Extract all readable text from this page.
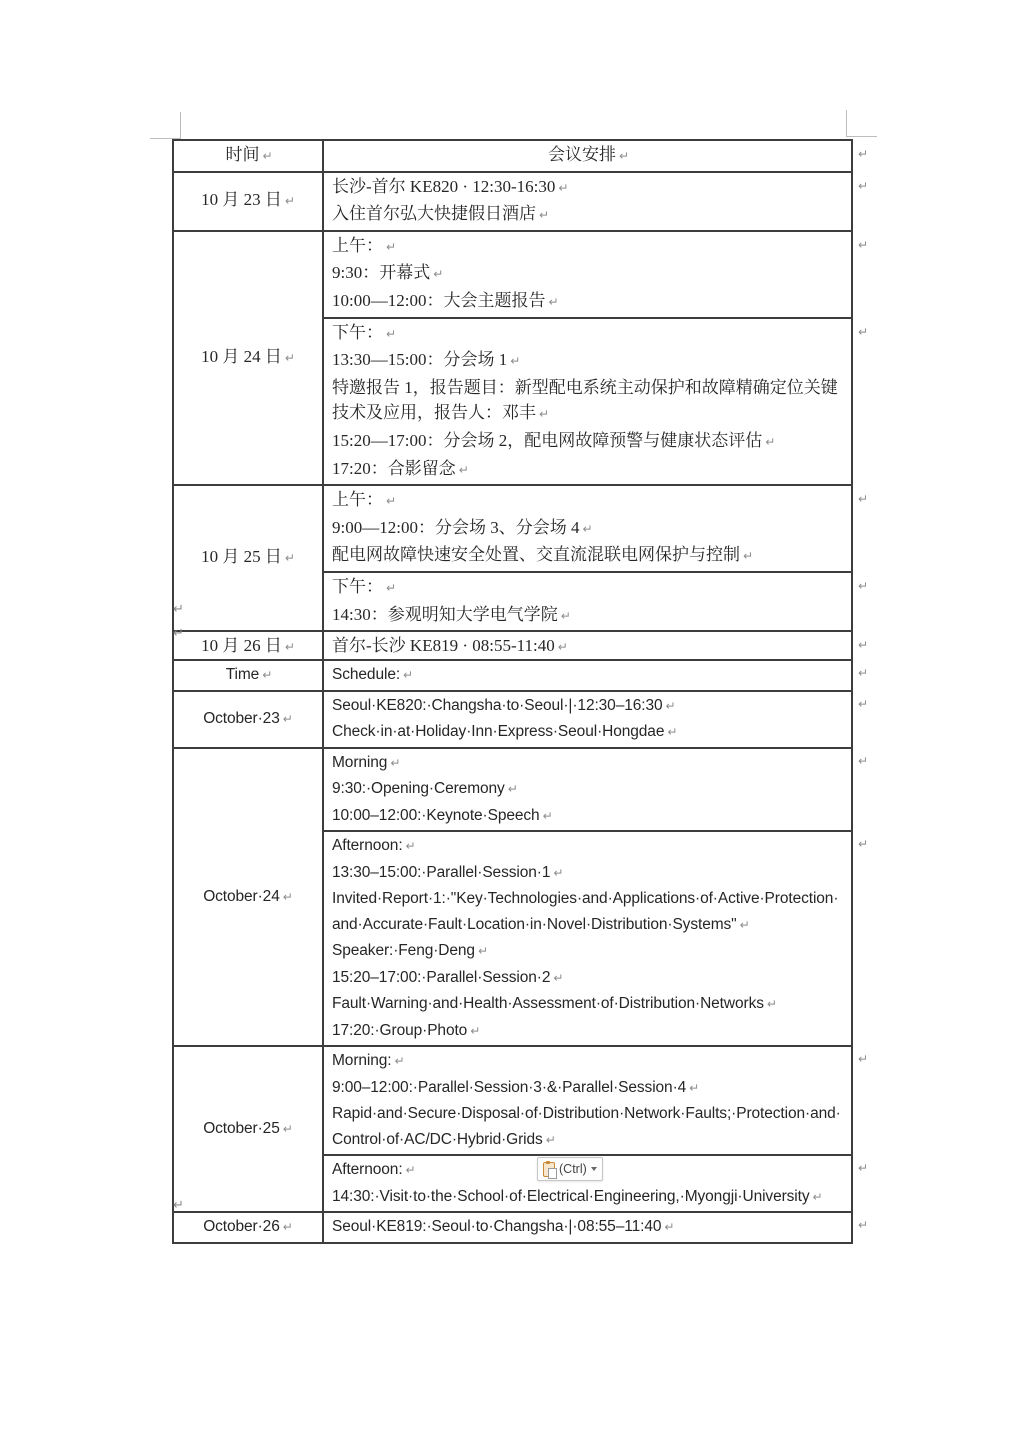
时间 ↵	会议安排 ↵	↵
10 月 23 日 ↵	长沙-首尔 KE820 · 12:30-16:30 ↵

入住首尔弘大快捷假日酒店 ↵

	↵
10 月 24 日 ↵	上午： ↵

9:30：开幕式 ↵

10:00—12:00：大会主题报告 ↵

	↵

	下午： ↵

13:30—15:00：分会场 1 ↵

特邀报告 1，报告题目：新型配电系统主动保护和故障精确定位关键技术及应用，报告人：邓丰 ↵

15:20—17:00：分会场 2，配电网故障预警与健康状态评估 ↵

17:20：合影留念 ↵

	↵
10 月 25 日 ↵	上午： ↵

9:00—12:00：分会场 3、分会场 4 ↵

配电网故障快速安全处置、交直流混联电网保护与控制 ↵

	↵

	下午： ↵

14:30：参观明知大学电气学院 ↵

	↵
10 月 26 日 ↵	首尔-长沙 KE819 · 08:55-11:40 ↵

	↵
↵
↵
Time ↵	Schedule: ↵	↵
October·​23 ↵	Seoul·​KE820:·​Changsha·​to·​Seoul·​|·​12:30–16:30 ↵

Check·​in·​at·​Holiday·​Inn·​Express·​Seoul·​Hongdae ↵

	↵
October·​24 ↵	Morning ↵

9:30:·​Opening·​Ceremony ↵

10:00–12:00:·​Keynote·​Speech ↵

	↵

Afternoon: ↵

13:30–15:00:·​Parallel·​Session·​1 ↵

Invited·​Report·​1:·​"Key·​Technologies·​and·​Applications·​of·​Active·​Protection·​and·​Accurate·​Fault·​Location·​in·​Novel·​Distribution·​Systems" ↵

Speaker:·​Feng·​Deng ↵

15:20–17:00:·​Parallel·​Session·​2 ↵

Fault·​Warning·​and·​Health·​Assessment·​of·​Distribution·​Networks ↵

17:20:·​Group·​Photo ↵

	↵
October·​25 ↵	Morning: ↵

9:00–12:00:·​Parallel·​Session·​3·​&·​Parallel·​Session·​4 ↵

Rapid·​and·​Secure·​Disposal·​of·​Distribution·​Network·​Faults;·​Protection·​and·​Control·​of·​AC/DC·​Hybrid·​Grids ↵

	↵

	Afternoon: ↵

14:30:·​Visit·​to·​the·​School·​of·​Electrical·​Engineering,·​Myongji·​University ↵

(Ctrl)
	↵
October·​26 ↵	Seoul·​KE819:·​Seoul·​to·​Changsha·​|·​08:55–11:40 ↵

	↵
↵
